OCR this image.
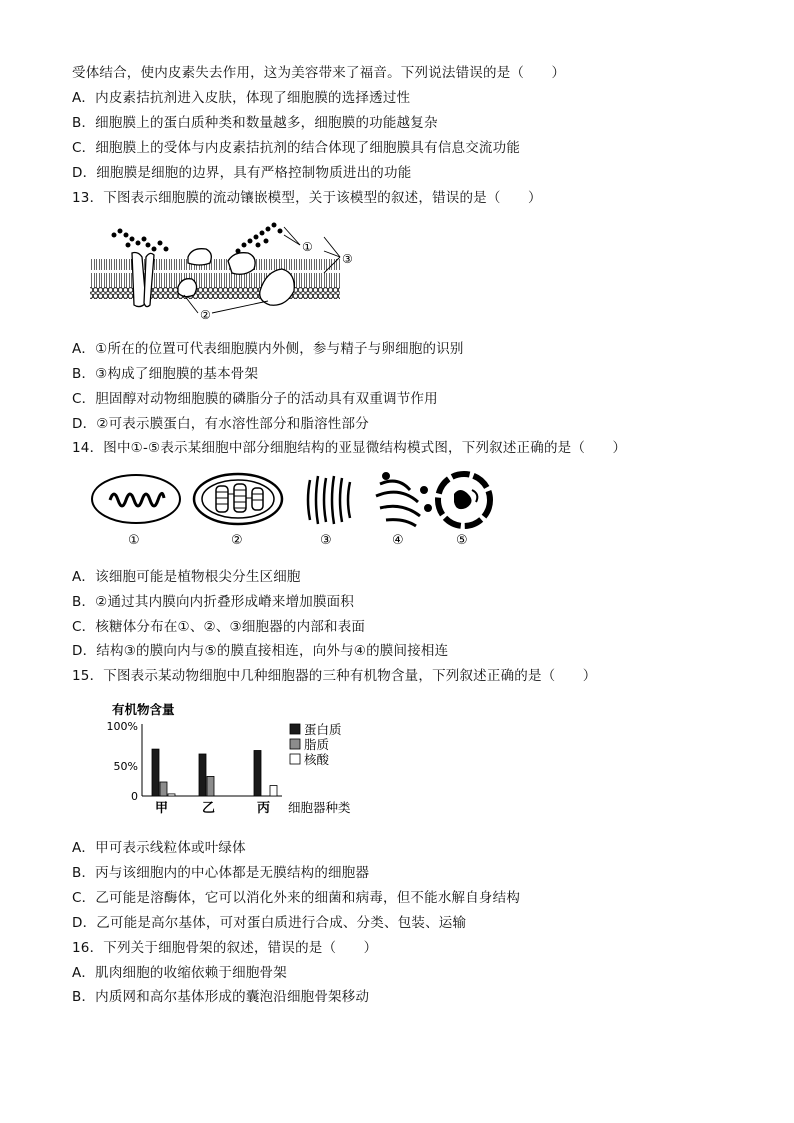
受体结合，使内皮素失去作用，这为美容带来了福音。下列说法错误的是（　　）
A．内皮素拮抗剂进入皮肤，体现了细胞膜的选择透过性
B．细胞膜上的蛋白质种类和数量越多，细胞膜的功能越复杂
C．细胞膜上的受体与内皮素拮抗剂的结合体现了细胞膜具有信息交流功能
D．细胞膜是细胞的边界，具有严格控制物质进出的功能
13．下图表示细胞膜的流动镶嵌模型，关于该模型的叙述，错误的是（　　）
①
③
②
A．①所在的位置可代表细胞膜内外侧，参与精子与卵细胞的识别
B．③构成了细胞膜的基本骨架
C．胆固醇对动物细胞膜的磷脂分子的活动具有双重调节作用
D．②可表示膜蛋白，有水溶性部分和脂溶性部分
14．图中①-⑤表示某细胞中部分细胞结构的亚显微结构模式图，下列叙述正确的是（　　）
①	②	③	④	⑤
A．该细胞可能是植物根尖分生区细胞
B．②通过其内膜向内折叠形成嵴来增加膜面积
C．核糖体分布在①、②、③细胞器的内部和表面
D．结构③的膜向内与⑤的膜直接相连，向外与④的膜间接相连
15．下图表示某动物细胞中几种细胞器的三种有机物含量，下列叙述正确的是（　　）
有机物含量
100%
50%
0
细胞器种类
甲	乙	丙
蛋白质
脂质
核酸
A．甲可表示线粒体或叶绿体
B．丙与该细胞内的中心体都是无膜结构的细胞器
C．乙可能是溶酶体，它可以消化外来的细菌和病毒，但不能水解自身结构
D．乙可能是高尔基体，可对蛋白质进行合成、分类、包装、运输
16．下列关于细胞骨架的叙述，错误的是（　　）
A．肌肉细胞的收缩依赖于细胞骨架
B．内质网和高尔基体形成的囊泡沿细胞骨架移动
